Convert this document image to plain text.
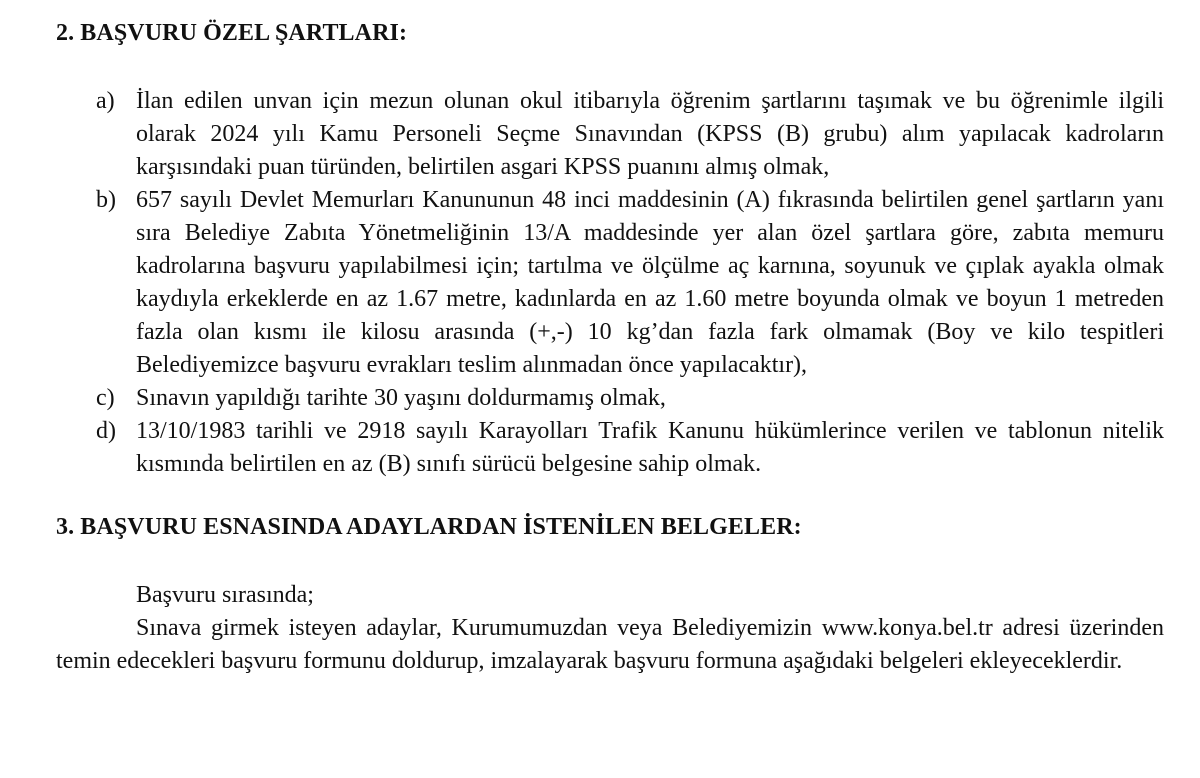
2. BAŞVURU ÖZEL ŞARTLARI:
a) İlan edilen unvan için mezun olunan okul itibarıyla öğrenim şartlarını taşımak ve bu öğrenimle ilgili olarak 2024 yılı Kamu Personeli Seçme Sınavından (KPSS (B) grubu) alım yapılacak kadroların karşısındaki puan türünden, belirtilen asgari KPSS puanını almış olmak,
b) 657 sayılı Devlet Memurları Kanununun 48 inci maddesinin (A) fıkrasında belirtilen genel şartların yanı sıra Belediye Zabıta Yönetmeliğinin 13/A maddesinde yer alan özel şartlara göre, zabıta memuru kadrolarına başvuru yapılabilmesi için; tartılma ve ölçülme aç karnına, soyunuk ve çıplak ayakla olmak kaydıyla erkeklerde en az 1.67 metre, kadınlarda en az 1.60 metre boyunda olmak ve boyun 1 metreden fazla olan kısmı ile kilosu arasında (+,-) 10 kg’dan fazla fark olmamak (Boy ve kilo tespitleri Belediyemizce başvuru evrakları teslim alınmadan önce yapılacaktır),
c) Sınavın yapıldığı tarihte 30 yaşını doldurmamış olmak,
d) 13/10/1983 tarihli ve 2918 sayılı Karayolları Trafik Kanunu hükümlerince verilen ve tablonun nitelik kısmında belirtilen en az (B) sınıfı sürücü belgesine sahip olmak.
3. BAŞVURU ESNASINDA ADAYLARDAN İSTENİLEN BELGELER:

Başvuru sırasında;

Sınava girmek isteyen adaylar, Kurumumuzdan veya Belediyemizin www.konya.bel.tr adresi üzerinden temin edecekleri başvuru formunu doldurup, imzalayarak başvuru formuna aşağıdaki belgeleri ekleyeceklerdir.
